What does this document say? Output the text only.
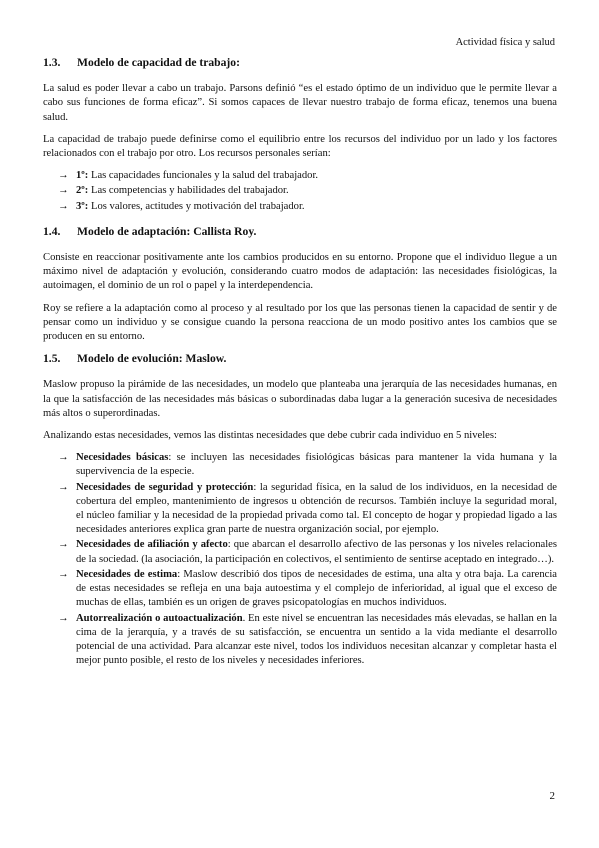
Actividad física y salud
1.3.	Modelo de capacidad de trabajo:

La salud es poder llevar a cabo un trabajo. Parsons definió “es el estado óptimo de un individuo que le permite llevar a cabo sus funciones de forma eficaz”. Si somos capaces de llevar nuestro trabajo de forma eficaz, tenemos una buena salud.

La capacidad de trabajo puede definirse como el equilibrio entre los recursos del individuo por un lado y los factores relacionados con el trabajo por otro. Los recursos personales serían:

→ 1º: Las capacidades funcionales y la salud del trabajador.
→ 2º: Las competencias y habilidades del trabajador.
→ 3º: Los valores, actitudes y motivación del trabajador.
1.4.	Modelo de adaptación: Callista Roy.

Consiste en reaccionar positivamente ante los cambios producidos en su entorno. Propone que el individuo llegue a un máximo nivel de adaptación y evolución, considerando cuatro modos de adaptación: las necesidades fisiológicas, la autoimagen, el dominio de un rol o papel y la interdependencia.

Roy se refiere a la adaptación como al proceso y al resultado por los que las personas tienen la capacidad de sentir y de pensar como un individuo y se consigue cuando la persona reacciona de un modo positivo antes los cambios que se producen en su entorno.

1.5.	Modelo de evolución: Maslow.

Maslow propuso la pirámide de las necesidades, un modelo que planteaba una jerarquía de las necesidades humanas, en la que la satisfacción de las necesidades más básicas o subordinadas daba lugar a la generación sucesiva de necesidades más altos o superordinadas.

Analizando estas necesidades, vemos las distintas necesidades que debe cubrir cada individuo en 5 niveles:

→ Necesidades básicas: se incluyen las necesidades fisiológicas básicas para mantener la vida humana y la supervivencia de la especie.
→ Necesidades de seguridad y protección: la seguridad física, en la salud de los individuos, en la necesidad de cobertura del empleo, mantenimiento de ingresos u obtención de recursos. También incluye la seguridad moral, el núcleo familiar y la necesidad de la propiedad privada como tal. El concepto de hogar y propiedad ligado a las necesidades anteriores explica gran parte de nuestra organización social, por ejemplo.
→ Necesidades de afiliación y afecto: que abarcan el desarrollo afectivo de las personas y los niveles relacionales de la sociedad. (la asociación, la participación en colectivos, el sentimiento de sentirse aceptado en integrado…).
→ Necesidades de estima: Maslow describió dos tipos de necesidades de estima, una alta y otra baja. La carencia de estas necesidades se refleja en una baja autoestima y el complejo de inferioridad, al igual que el exceso de muchas de ellas, también es un origen de graves psicopatologías en muchos individuos.
→ Autorrealización o autoactualización. En este nivel se encuentran las necesidades más elevadas, se hallan en la cima de la jerarquía, y a través de su satisfacción, se encuentra un sentido a la vida mediante el desarrollo potencial de una actividad. Para alcanzar este nivel, todos los individuos necesitan alcanzar y completar hasta el mejor punto posible, el resto de los niveles y necesidades inferiores.
2
